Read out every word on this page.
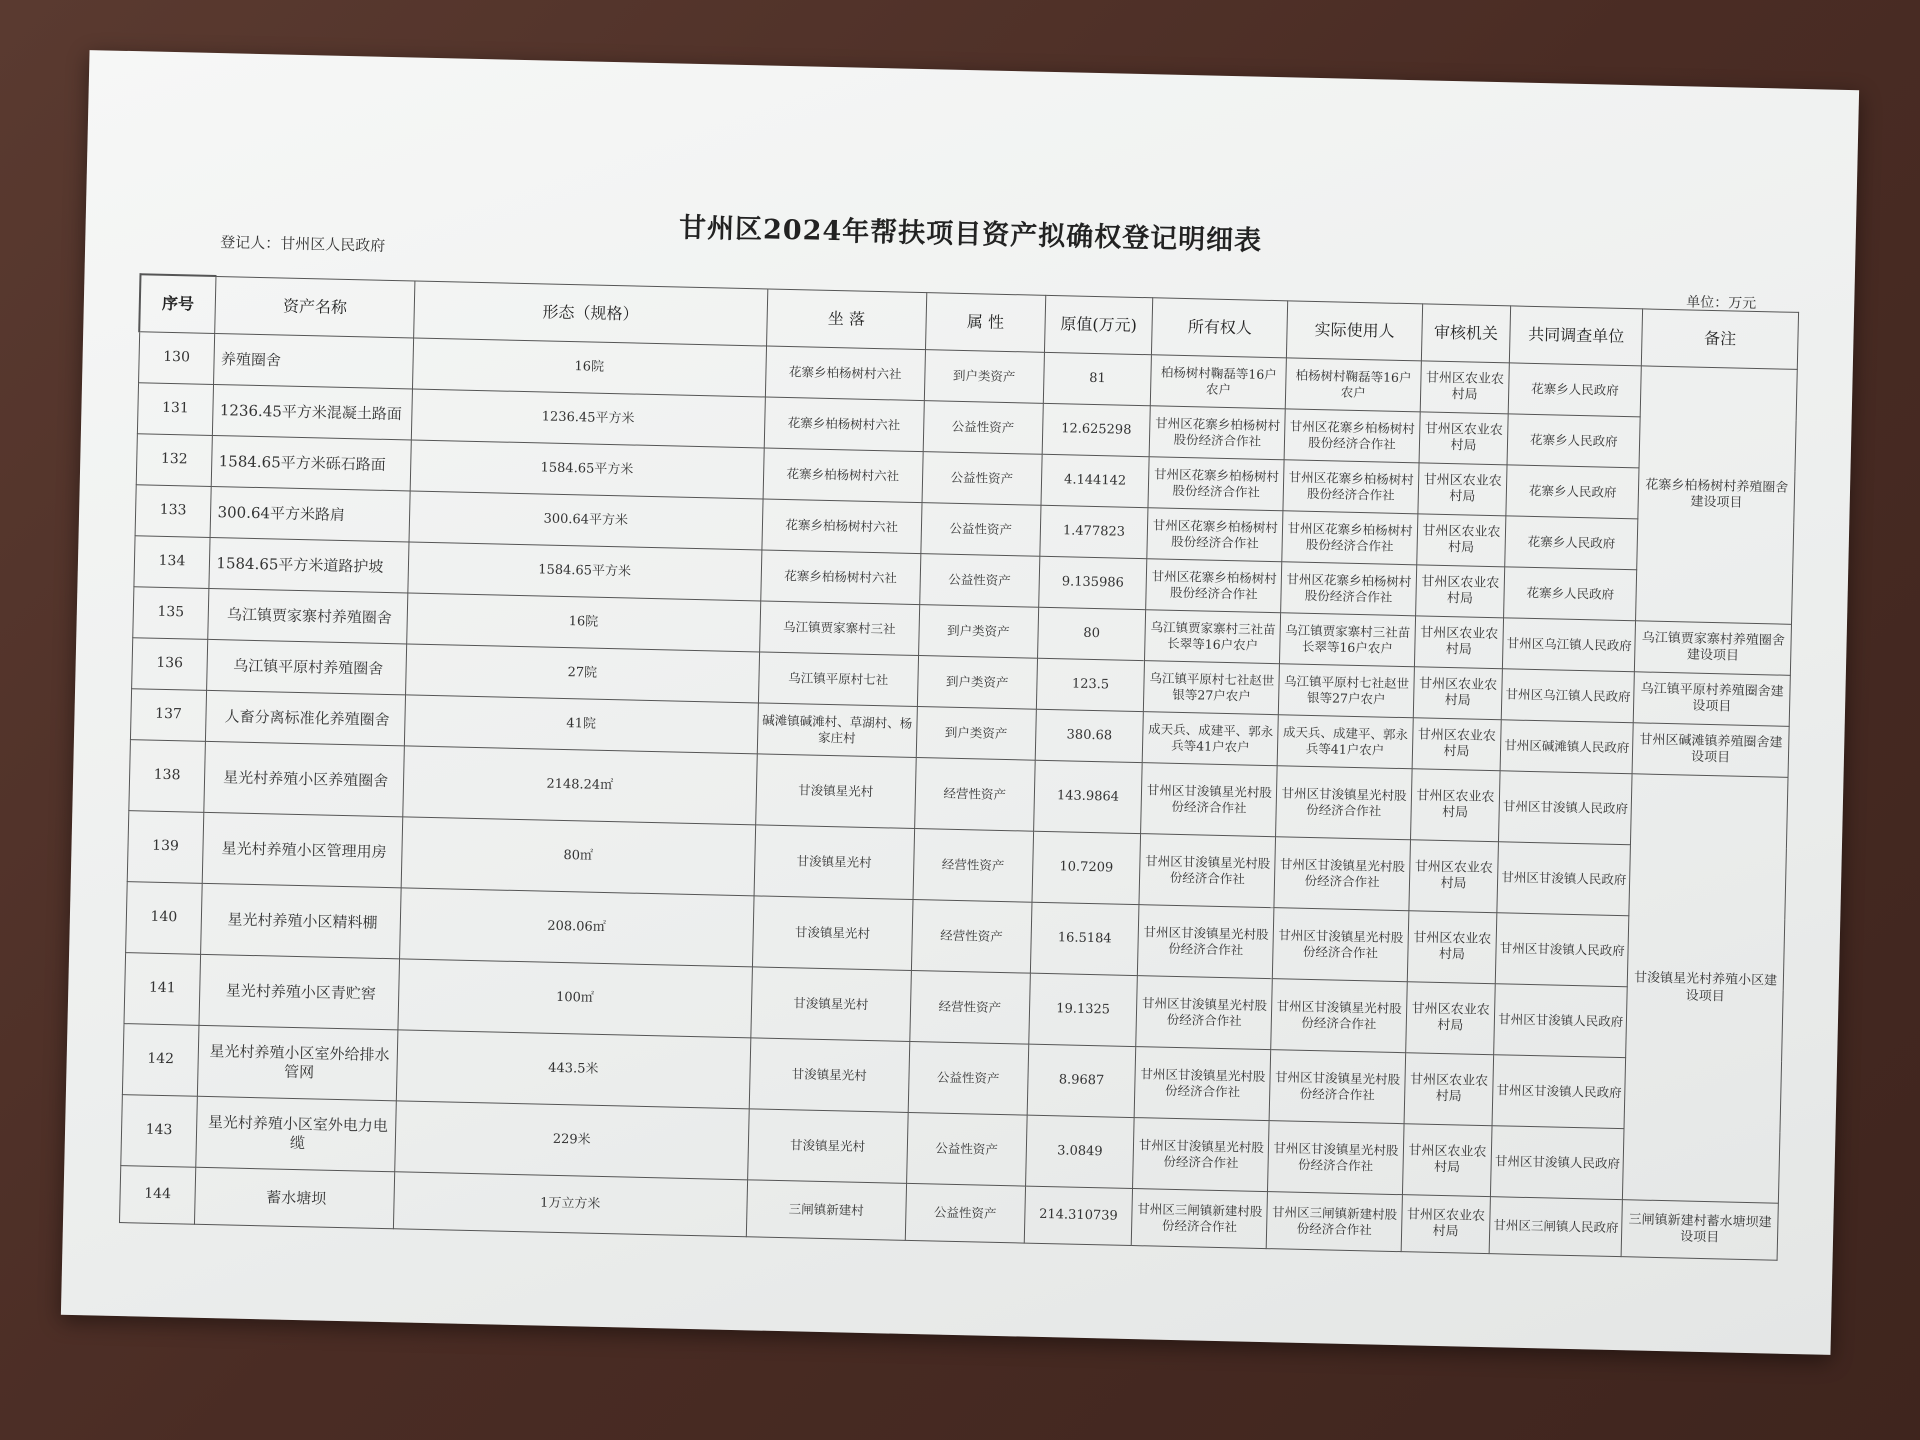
甘州区2024年帮扶项目资产拟确权登记明细表
登记人：甘州区人民政府
单位：万元
序号	资产名称	形态（规格）	坐 落	属 性	原值(万元)	所有权人	实际使用人	审核机关	共同调查单位	备注
130	养殖圈舍	16院	花寨乡柏杨树村六社	到户类资产	81	柏杨树村鞠磊等16户农户	柏杨树村鞠磊等16户农户	甘州区农业农村局	花寨乡人民政府	花寨乡柏杨树村养殖圈舍建设项目
131	1236.45平方米混凝土路面	1236.45平方米	花寨乡柏杨树村六社	公益性资产	12.625298	甘州区花寨乡柏杨树村股份经济合作社	甘州区花寨乡柏杨树村股份经济合作社	甘州区农业农村局	花寨乡人民政府	
132	1584.65平方米砾石路面	1584.65平方米	花寨乡柏杨树村六社	公益性资产	4.144142	甘州区花寨乡柏杨树村股份经济合作社	甘州区花寨乡柏杨树村股份经济合作社	甘州区农业农村局	花寨乡人民政府	
133	300.64平方米路肩	300.64平方米	花寨乡柏杨树村六社	公益性资产	1.477823	甘州区花寨乡柏杨树村股份经济合作社	甘州区花寨乡柏杨树村股份经济合作社	甘州区农业农村局	花寨乡人民政府	
134	1584.65平方米道路护坡	1584.65平方米	花寨乡柏杨树村六社	公益性资产	9.135986	甘州区花寨乡柏杨树村股份经济合作社	甘州区花寨乡柏杨树村股份经济合作社	甘州区农业农村局	花寨乡人民政府	
135	乌江镇贾家寨村养殖圈舍	16院	乌江镇贾家寨村三社	到户类资产	80	乌江镇贾家寨村三社苗长翠等16户农户	乌江镇贾家寨村三社苗长翠等16户农户	甘州区农业农村局	甘州区乌江镇人民政府	乌江镇贾家寨村养殖圈舍建设项目
136	乌江镇平原村养殖圈舍	27院	乌江镇平原村七社	到户类资产	123.5	乌江镇平原村七社赵世银等27户农户	乌江镇平原村七社赵世银等27户农户	甘州区农业农村局	甘州区乌江镇人民政府	乌江镇平原村养殖圈舍建设项目
137	人畜分离标准化养殖圈舍	41院	碱滩镇碱滩村、草湖村、杨家庄村	到户类资产	380.68	成天兵、成建平、郭永兵等41户农户	成天兵、成建平、郭永兵等41户农户	甘州区农业农村局	甘州区碱滩镇人民政府	甘州区碱滩镇养殖圈舍建设项目
138	星光村养殖小区养殖圈舍	2148.24㎡	甘浚镇星光村	经营性资产	143.9864	甘州区甘浚镇星光村股份经济合作社	甘州区甘浚镇星光村股份经济合作社	甘州区农业农村局	甘州区甘浚镇人民政府	甘浚镇星光村养殖小区建设项目
139	星光村养殖小区管理用房	80㎡	甘浚镇星光村	经营性资产	10.7209	甘州区甘浚镇星光村股份经济合作社	甘州区甘浚镇星光村股份经济合作社	甘州区农业农村局	甘州区甘浚镇人民政府	
140	星光村养殖小区精料棚	208.06㎡	甘浚镇星光村	经营性资产	16.5184	甘州区甘浚镇星光村股份经济合作社	甘州区甘浚镇星光村股份经济合作社	甘州区农业农村局	甘州区甘浚镇人民政府	
141	星光村养殖小区青贮窖	100㎡	甘浚镇星光村	经营性资产	19.1325	甘州区甘浚镇星光村股份经济合作社	甘州区甘浚镇星光村股份经济合作社	甘州区农业农村局	甘州区甘浚镇人民政府	
142	星光村养殖小区室外给排水管网	443.5米	甘浚镇星光村	公益性资产	8.9687	甘州区甘浚镇星光村股份经济合作社	甘州区甘浚镇星光村股份经济合作社	甘州区农业农村局	甘州区甘浚镇人民政府	
143	星光村养殖小区室外电力电缆	229米	甘浚镇星光村	公益性资产	3.0849	甘州区甘浚镇星光村股份经济合作社	甘州区甘浚镇星光村股份经济合作社	甘州区农业农村局	甘州区甘浚镇人民政府	
144	蓄水塘坝	1万立方米	三闸镇新建村	公益性资产	214.310739	甘州区三闸镇新建村股份经济合作社	甘州区三闸镇新建村股份经济合作社	甘州区农业农村局	甘州区三闸镇人民政府	三闸镇新建村蓄水塘坝建设项目
